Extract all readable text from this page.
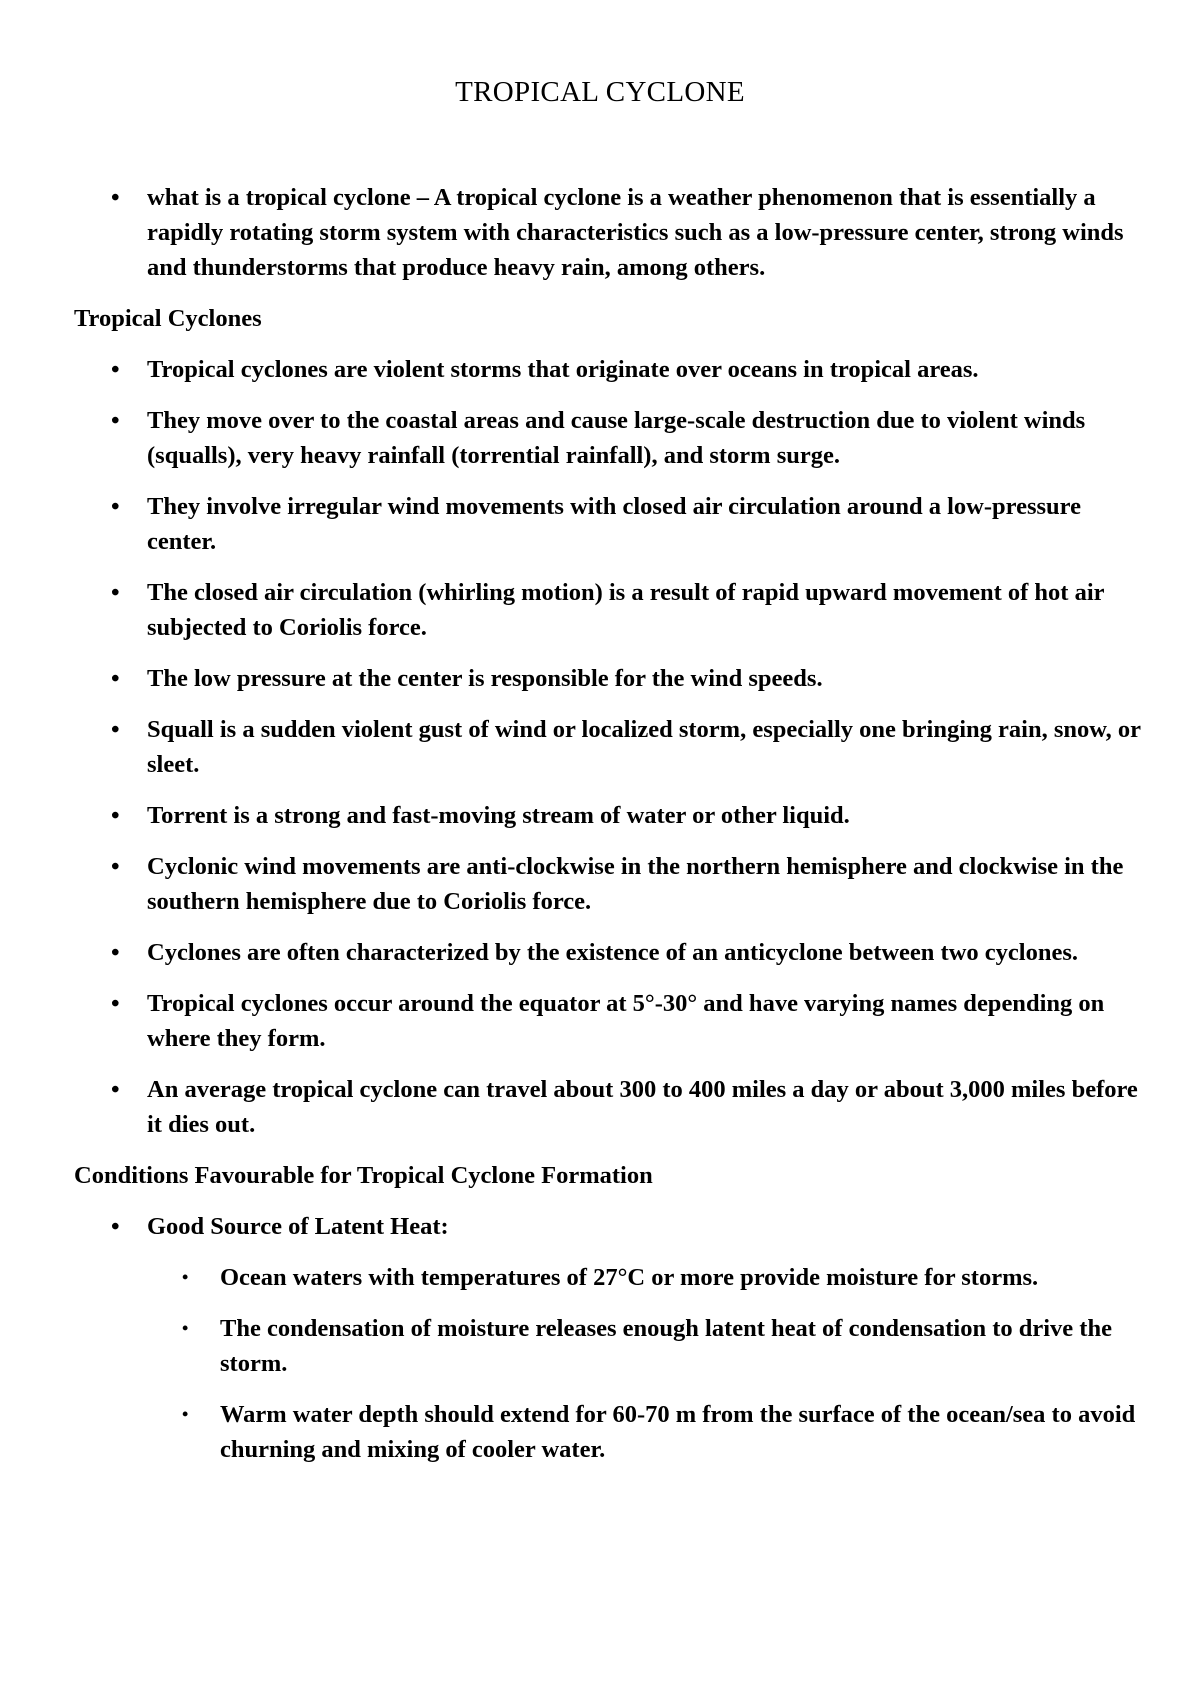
TROPICAL CYCLONE
• what is a tropical cyclone – A tropical cyclone is a weather phenomenon that is essentially a rapidly rotating storm system with characteristics such as a low-pressure center, strong winds and thunderstorms that produce heavy rain, among others.
Tropical Cyclones
• Tropical cyclones are violent storms that originate over oceans in tropical areas.
• They move over to the coastal areas and cause large-scale destruction due to violent winds (squalls), very heavy rainfall (torrential rainfall), and storm surge.
• They involve irregular wind movements with closed air circulation around a low-pressure center.
• The closed air circulation (whirling motion) is a result of rapid upward movement of hot air subjected to Coriolis force.
• The low pressure at the center is responsible for the wind speeds.
• Squall is a sudden violent gust of wind or localized storm, especially one bringing rain, snow, or sleet.
• Torrent is a strong and fast-moving stream of water or other liquid.
• Cyclonic wind movements are anti-clockwise in the northern hemisphere and clockwise in the southern hemisphere due to Coriolis force.
• Cyclones are often characterized by the existence of an anticyclone between two cyclones.
• Tropical cyclones occur around the equator at 5°-30° and have varying names depending on where they form.
• An average tropical cyclone can travel about 300 to 400 miles a day or about 3,000 miles before it dies out.
Conditions Favourable for Tropical Cyclone Formation
• Good Source of Latent Heat:
• Ocean waters with temperatures of 27°C or more provide moisture for storms.
• The condensation of moisture releases enough latent heat of condensation to drive the storm.
• Warm water depth should extend for 60-70 m from the surface of the ocean/sea to avoid churning and mixing of cooler water.
